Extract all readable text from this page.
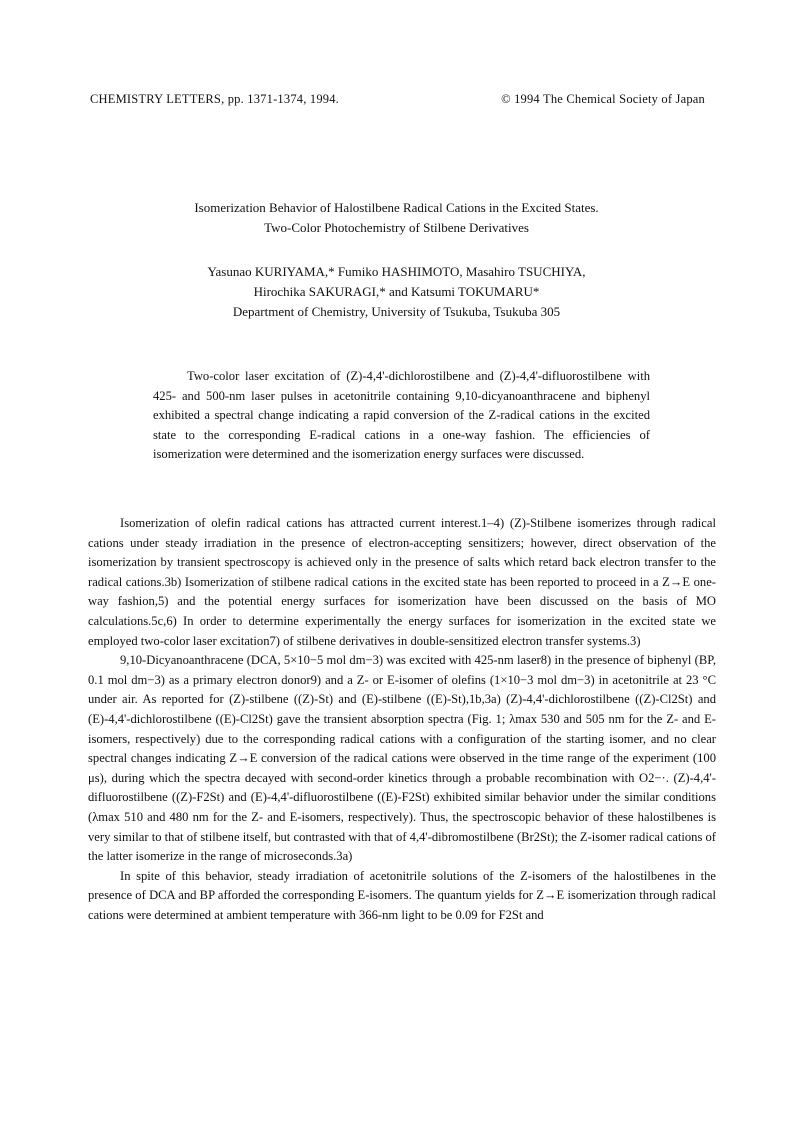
CHEMISTRY LETTERS, pp. 1371-1374, 1994.	© 1994 The Chemical Society of Japan
Isomerization Behavior of Halostilbene Radical Cations in the Excited States.
Two-Color Photochemistry of Stilbene Derivatives
Yasunao KURIYAMA,* Fumiko HASHIMOTO, Masahiro TSUCHIYA,
Hirochika SAKURAGI,* and Katsumi TOKUMARU*
Department of Chemistry, University of Tsukuba, Tsukuba 305
Two-color laser excitation of (Z)-4,4'-dichlorostilbene and (Z)-4,4'-difluorostilbene with 425- and 500-nm laser pulses in acetonitrile containing 9,10-dicyanoanthracene and biphenyl exhibited a spectral change indicating a rapid conversion of the Z-radical cations in the excited state to the corresponding E-radical cations in a one-way fashion. The efficiencies of isomerization were determined and the isomerization energy surfaces were discussed.

Isomerization of olefin radical cations has attracted current interest.1–4) (Z)-Stilbene isomerizes through radical cations under steady irradiation in the presence of electron-accepting sensitizers; however, direct observation of the isomerization by transient spectroscopy is achieved only in the presence of salts which retard back electron transfer to the radical cations.3b) Isomerization of stilbene radical cations in the excited state has been reported to proceed in a Z→E one-way fashion,5) and the potential energy surfaces for isomerization have been discussed on the basis of MO calculations.5c,6) In order to determine experimentally the energy surfaces for isomerization in the excited state we employed two-color laser excitation7) of stilbene derivatives in double-sensitized electron transfer systems.3)

9,10-Dicyanoanthracene (DCA, 5×10−5 mol dm−3) was excited with 425-nm laser8) in the presence of biphenyl (BP, 0.1 mol dm−3) as a primary electron donor9) and a Z- or E-isomer of olefins (1×10−3 mol dm−3) in acetonitrile at 23 °C under air. As reported for (Z)-stilbene ((Z)-St) and (E)-stilbene ((E)-St),1b,3a) (Z)-4,4'-dichlorostilbene ((Z)-Cl2St) and (E)-4,4'-dichlorostilbene ((E)-Cl2St) gave the transient absorption spectra (Fig. 1; λmax 530 and 505 nm for the Z- and E-isomers, respectively) due to the corresponding radical cations with a configuration of the starting isomer, and no clear spectral changes indicating Z→E conversion of the radical cations were observed in the time range of the experiment (100 μs), during which the spectra decayed with second-order kinetics through a probable recombination with O2−·. (Z)-4,4'-difluorostilbene ((Z)-F2St) and (E)-4,4'-difluorostilbene ((E)-F2St) exhibited similar behavior under the similar conditions (λmax 510 and 480 nm for the Z- and E-isomers, respectively). Thus, the spectroscopic behavior of these halostilbenes is very similar to that of stilbene itself, but contrasted with that of 4,4'-dibromostilbene (Br2St); the Z-isomer radical cations of the latter isomerize in the range of microseconds.3a)

In spite of this behavior, steady irradiation of acetonitrile solutions of the Z-isomers of the halostilbenes in the presence of DCA and BP afforded the corresponding E-isomers. The quantum yields for Z→E isomerization through radical cations were determined at ambient temperature with 366-nm light to be 0.09 for F2St and
